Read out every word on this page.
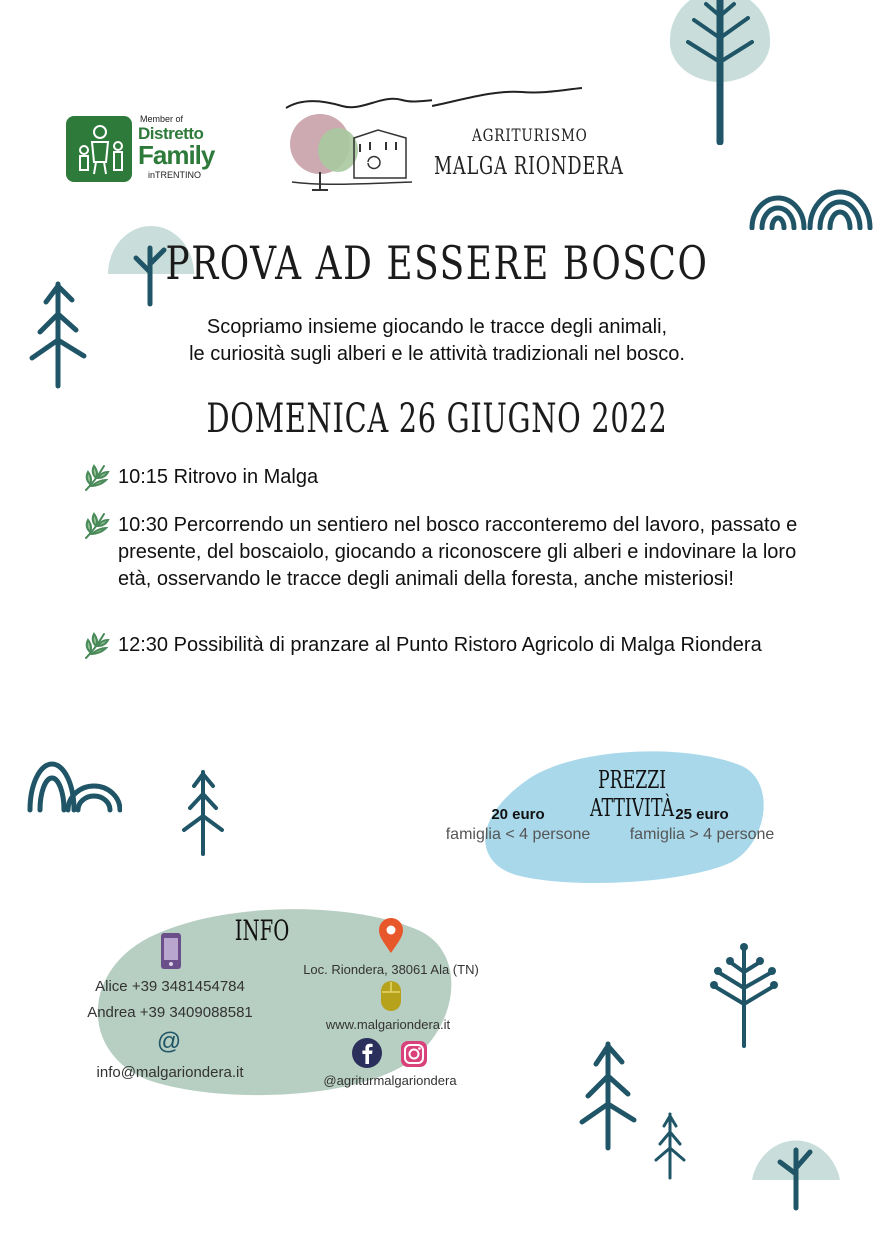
Member of
Distretto
Family
inTRENTINO
AGRITURISMO
MALGA RIONDERA
PROVA AD ESSERE BOSCO
Scopriamo insieme giocando le tracce degli animali,
le curiosità sugli alberi e le attività tradizionali nel bosco.
DOMENICA 26 GIUGNO 2022
10:15 Ritrovo in Malga
10:30 Percorrendo un sentiero nel bosco racconteremo del lavoro, passato e presente, del boscaiolo, giocando a riconoscere gli alberi e indovinare la loro età, osservando le tracce degli animali della foresta, anche misteriosi!
12:30 Possibilità di pranzare al Punto Ristoro Agricolo di Malga Riondera
PREZZI ATTIVITÀ
20 euro
famiglia < 4 persone
25 euro
famiglia > 4 persone
INFO
Alice +39 3481454784
Andrea +39 3409088581
@
info@malgariondera.it
Loc. Riondera, 38061 Ala (TN)
www.malgariondera.it
@agriturmalgariondera
